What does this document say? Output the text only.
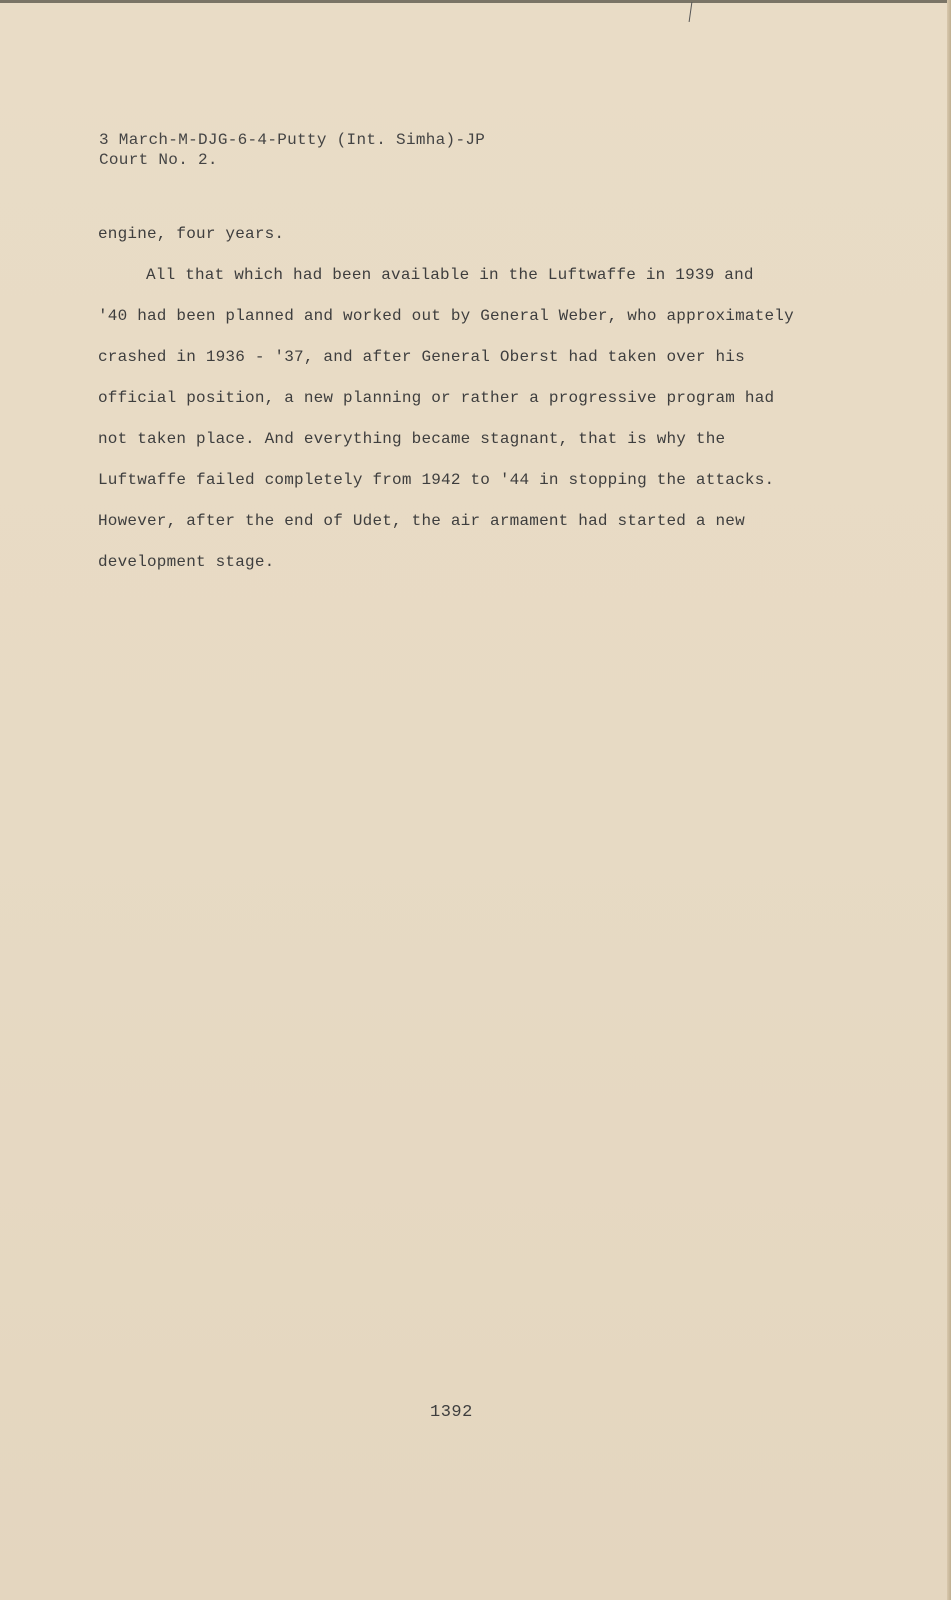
3 March-M-DJG-6-4-Putty (Int. Simha)-JP

Court No. 2.

engine, four years.

All that which had been available in the Luftwaffe in 1939 and

'40 had been planned and worked out by General Weber, who approximately

crashed in 1936 - '37, and after General Oberst had taken over his

official position, a new planning or rather a progressive program had

not taken place. And everything became stagnant, that is why the

Luftwaffe failed completely from 1942 to '44 in stopping the attacks.

However, after the end of Udet, the air armament had started a new

development stage.

1392
